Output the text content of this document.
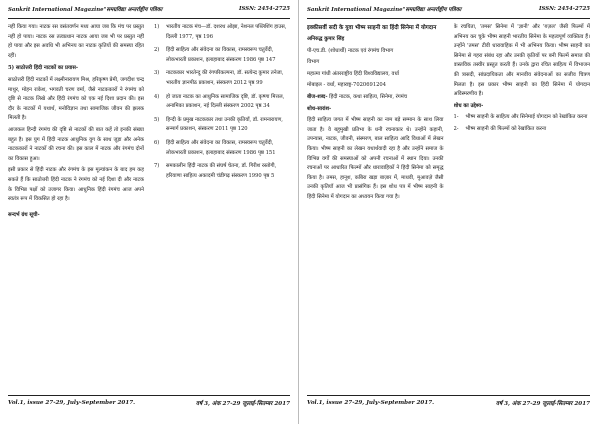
Sankrit International Magazine"समग्रविद्या अन्तर्राष्ट्रीय पत्रिका	ISSN: 2454-2725

नहीं किया गया। नाटक रस वसंतवर्णन मध्य आया जब कि मंच पर प्रस्तुत नहीं हो पाया। नाटक रस तत्वप्रधान नाटक आया जब भी पर प्रस्तुत नहीं हो पाया और इस अवधि भी अभिनय का नाटक कृतियों की समस्या रहित रहीं।

5) साठोत्तरी हिंदी नाटकों का प्रयास-

साठोत्तरी हिंदी नाटकों में लक्ष्मीनारायण मिश्र, हरिकृष्ण प्रेमी, जगदीश चन्द्र माथुर, मोहन राकेश, भगवती चरण वर्मा, जैसे नाटककारों ने रंगमंच को दृष्टि से नाटक लिखे और हिंदी रंगमंच को एक नई दिशा प्रदान की। इस दौर के नाटकों में यथार्थ, मनोविज्ञान तथा सामाजिक जीवन की झलक मिलती है।

आजकल हिन्दी रंगमंच की दृष्टि से नाटकों की बात कहें तो इनकी संख्या बहुत है। इस युग में हिंदी नाटक आधुनिक युग के साथ जुड़ा और अनेक नाटककारों ने नाटकों की रचना की। इस काल में नाटक और रंगमंच दोनों का विकास हुआ।

इसी प्रकार से हिंदी नाटक और रंगमंच के इस मूल्यांकन के बाद हम कह सकते हैं कि साठोत्तरी हिंदी नाटक ने रंगमंच को नई दिशा दी और नाटक के विभिन्न पक्षों को उजागर किया। आधुनिक हिंदी रंगमंच आज अपने स्वतंत्र रूप में विकसित हो रहा है।

सन्दर्भ ग्रंथ सूची-

1)	भारतीय नाटक मंच—डॉ. दशरथ ओझा, नेशनल पब्लिशिंग हाउस, दिल्ली 1977, पृष्ठ 196
2)	हिंदी साहित्य और संवेदना का विकास, रामस्वरूप चतुर्वेदी, लोकभारती प्रकाशन, इलाहाबाद संस्करण 1986 पृष्ठ 147
3)	नाटककार भारतेन्दु की रंगपरिकल्पना, डॉ. सत्येन्द्र कुमार तनेजा, भारतीय ज्ञानपीठ प्रकाशन, संस्करण 2012 पृष्ठ 99
4)	हो जाता नाटक का आधुनिक सामाजिक दृष्टि, डॉ. कृष्णा मित्तल, अनामिका प्रकाशन, नई दिल्ली संस्करण 2002 पृष्ठ 34
5)	हिन्दी के प्रमुख नाटककार तथा उनकी कृतियाँ, डॉ. रामनारायण, सन्मार्ग प्रकाशन, संस्करण 2011 पृष्ठ 120
6)	हिंदी साहित्य और संवेदना का विकास, रामस्वरूप चतुर्वेदी, लोकभारती प्रकाशन, इलाहाबाद संस्करण 1986 पृष्ठ 151
7)	समकालीन हिंदी नाटक की संघर्ष चेतना, डॉ. गिरीश रस्तोगी, हरियाणा साहित्य अकादमी चंडीगढ़ संस्करण 1990 पृष्ठ 5
Vol.1, issue 27-29, July-September 2017.	वर्ष 3, अंक 27-29 जुलाई-सितम्बर 2017
Sankrit International Magazine"समग्रविद्या अन्तर्राष्ट्रीय पत्रिका	ISSN: 2454-2725

इक्कीसवीं सदी के युवा भीष्म साहनी का हिंदी सिनेमा में योगदान

अनिरुद्ध कुमार सिंह

पी-एच.डी. (शोधार्थी) नाटक एवं रंगमंच विभाग

विभाग

महात्मा गांधी अंतरराष्ट्रीय हिंदी विश्वविद्यालय, वर्धा

मोबाइल - वर्धा, महाराष्ट्र-7020691204

बीज-शब्द- हिंदी नाटक, कथा साहित्य, सिनेमा, रंगमंच

शोध-सारांश-

हिंदी साहित्य जगत में भीष्म साहनी का नाम बड़े सम्मान के साथ लिया जाता है। वे बहुमुखी प्रतिभा के धनी रचनाकार थे। उन्होंने कहानी, उपन्यास, नाटक, जीवनी, संस्मरण, बाल साहित्य आदि विधाओं में लेखन किया। भीष्म साहनी का लेखन यथार्थवादी रहा है और उन्होंने समाज के विभिन्न वर्गों की समस्याओं को अपनी रचनाओं में स्थान दिया। उनकी रचनाओं पर आधारित फिल्मों और धारावाहिकों ने हिंदी सिनेमा को समृद्ध किया है। तमस, हानूश, कबिरा खड़ा बाज़ार में, माधवी, मुआवज़े जैसी उनकी कृतियाँ आज भी प्रासंगिक हैं। इस शोध पत्र में भीष्म साहनी के हिंदी सिनेमा में योगदान का अध्ययन किया गया है।

के रचयिता, 'तमस' सिनेमा में 'ज्ञानी' और 'ग़ज़ल' जैसी फिल्मों में अभिनय कर चुके भीष्म साहनी भारतीय सिनेमा के महत्वपूर्ण व्यक्तित्व हैं। उन्होंने 'तमस' टीवी धारावाहिक में भी अभिनय किया। भीष्म साहनी का सिनेमा से गहरा संबंध रहा और उनकी कृतियों पर बनी फिल्में समाज की वास्तविक तस्वीर प्रस्तुत करती हैं। उनके द्वारा रचित साहित्य में विभाजन की त्रासदी, सांप्रदायिकता और मानवीय संवेदनाओं का सजीव चित्रण मिलता है। इस प्रकार भीष्म साहनी का हिंदी सिनेमा में योगदान अविस्मरणीय है।

शोध का उद्देश्य-

1-	भीष्म साहनी के साहित्य और सिनेमाई योगदान को रेखांकित करना
2-	भीष्म साहनी की फिल्मों को रेखांकित करना
Vol.1, issue 27-29, July-September 2017.	वर्ष 3, अंक 27-29 जुलाई-सितम्बर 2017
